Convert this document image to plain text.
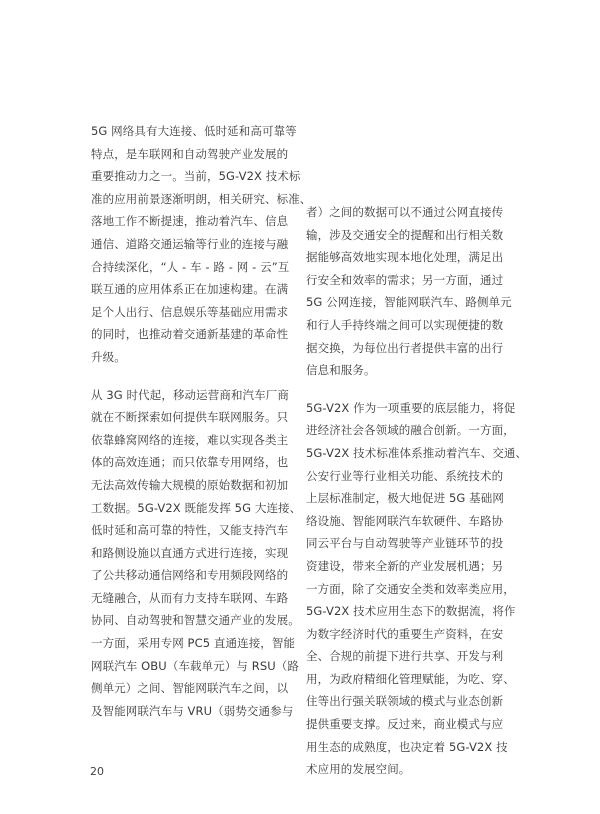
5G 网络具有大连接、低时延和高可靠等
特点，是车联网和自动驾驶产业发展的
重要推动力之一。当前，5G-V2X 技术标
准的应用前景逐渐明朗，相关研究、标准、
落地工作不断提速，推动着汽车、信息
通信、道路交通运输等行业的连接与融
合持续深化，“人 - 车 - 路 - 网 - 云”互
联互通的应用体系正在加速构建。在满
足个人出行、信息娱乐等基础应用需求
的同时，也推动着交通新基建的革命性
升级。

从 3G 时代起，移动运营商和汽车厂商
就在不断探索如何提供车联网服务。只
依靠蜂窝网络的连接，难以实现各类主
体的高效连通；而只依靠专用网络，也
无法高效传输大规模的原始数据和初加
工数据。5G-V2X 既能发挥 5G 大连接、
低时延和高可靠的特性，又能支持汽车
和路侧设施以直通方式进行连接，实现
了公共移动通信网络和专用频段网络的
无缝融合，从而有力支持车联网、车路
协同、自动驾驶和智慧交通产业的发展。
一方面，采用专网 PC5 直通连接，智能
网联汽车 OBU（车载单元）与 RSU（路
侧单元）之间、智能网联汽车之间，以
及智能网联汽车与 VRU（弱势交通参与

者）之间的数据可以不通过公网直接传
输，涉及交通安全的提醒和出行相关数
据能够高效地实现本地化处理，满足出
行安全和效率的需求；另一方面，通过
5G 公网连接，智能网联汽车、路侧单元
和行人手持终端之间可以实现便捷的数
据交换，为每位出行者提供丰富的出行
信息和服务。

5G-V2X 作为一项重要的底层能力，将促
进经济社会各领域的融合创新。一方面，
5G-V2X 技术标准体系推动着汽车、交通、
公安行业等行业相关功能、系统技术的
上层标准制定，极大地促进 5G 基础网
络设施、智能网联汽车软硬件、车路协
同云平台与自动驾驶等产业链环节的投
资建设，带来全新的产业发展机遇；另
一方面，除了交通安全类和效率类应用，
5G-V2X 技术应用生态下的数据流，将作
为数字经济时代的重要生产资料，在安
全、合规的前提下进行共享、开发与利
用，为政府精细化管理赋能，为吃、穿、
住等出行强关联领域的模式与业态创新
提供重要支撑。反过来，商业模式与应
用生态的成熟度，也决定着 5G-V2X 技
术应用的发展空间。

20
